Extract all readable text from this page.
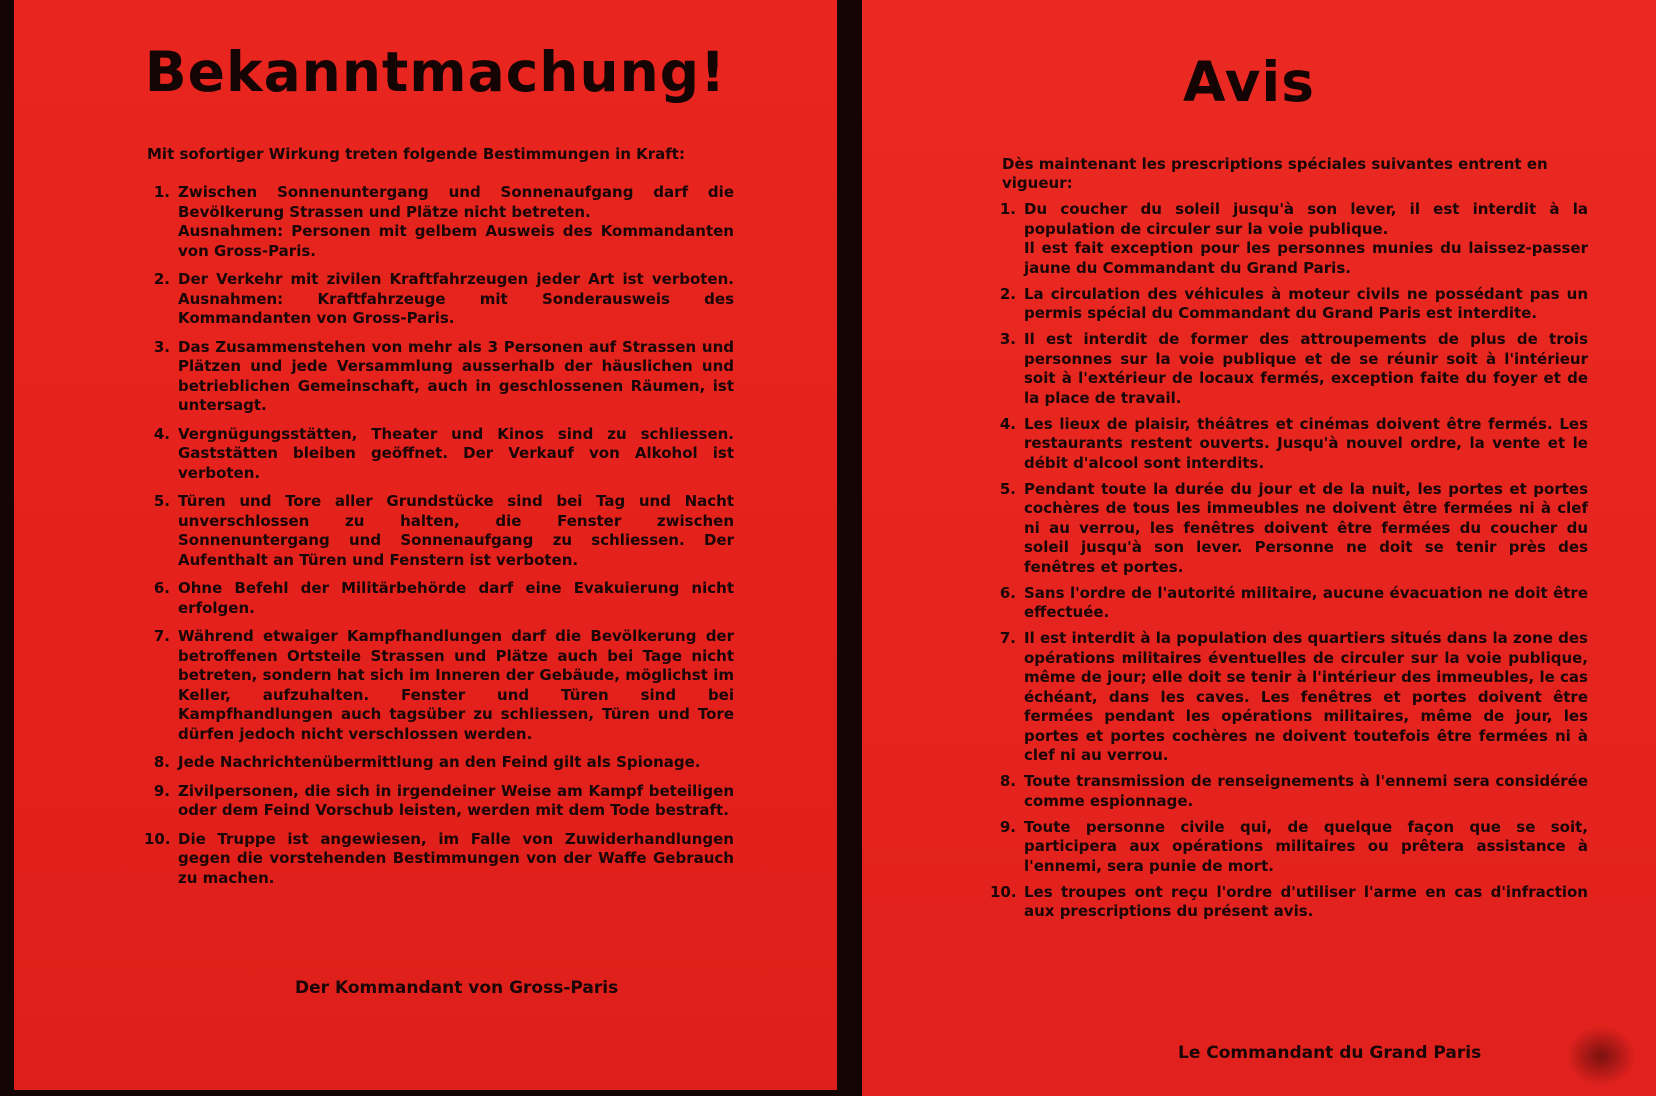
Bekanntmachung!
Mit sofortiger Wirkung treten folgende Bestimmungen in Kraft:
1. Zwischen Sonnenuntergang und Sonnenaufgang darf die Bevölkerung Strassen und Plätze nicht betreten.

Ausnahmen: Personen mit gelbem Ausweis des Kommandanten von Gross-Paris.

2. Der Verkehr mit zivilen Kraftfahrzeugen jeder Art ist verboten. Ausnahmen: Kraftfahrzeuge mit Sonderausweis des Kommandanten von Gross-Paris.

3. Das Zusammenstehen von mehr als 3 Personen auf Strassen und Plätzen und jede Versammlung ausserhalb der häuslichen und betrieblichen Gemeinschaft, auch in geschlossenen Räumen, ist untersagt.

4. Vergnügungsstätten, Theater und Kinos sind zu schliessen. Gaststätten bleiben geöffnet. Der Verkauf von Alkohol ist verboten.

5. Türen und Tore aller Grundstücke sind bei Tag und Nacht unverschlossen zu halten, die Fenster zwischen Sonnenuntergang und Sonnenaufgang zu schliessen. Der Aufenthalt an Türen und Fenstern ist verboten.

6. Ohne Befehl der Militärbehörde darf eine Evakuierung nicht erfolgen.

7. Während etwaiger Kampfhandlungen darf die Bevölkerung der betroffenen Ortsteile Strassen und Plätze auch bei Tage nicht betreten, sondern hat sich im Inneren der Gebäude, möglichst im Keller, aufzuhalten. Fenster und Türen sind bei Kampfhandlungen auch tagsüber zu schliessen, Türen und Tore dürfen jedoch nicht verschlossen werden.

8. Jede Nachrichtenübermittlung an den Feind gilt als Spionage.

9. Zivilpersonen, die sich in irgendeiner Weise am Kampf beteiligen oder dem Feind Vorschub leisten, werden mit dem Tode bestraft.

10. Die Truppe ist angewiesen, im Falle von Zuwiderhandlungen gegen die vorstehenden Bestimmungen von der Waffe Gebrauch zu machen.

Der Kommandant von Gross-Paris
Avis
Dès maintenant les prescriptions spéciales suivantes entrent en vigueur:
1. Du coucher du soleil jusqu'à son lever, il est interdit à la population de circuler sur la voie publique.

Il est fait exception pour les personnes munies du laissez-passer jaune du Commandant du Grand Paris.

2. La circulation des véhicules à moteur civils ne possédant pas un permis spécial du Commandant du Grand Paris est interdite.

3. Il est interdit de former des attroupements de plus de trois personnes sur la voie publique et de se réunir soit à l'intérieur soit à l'extérieur de locaux fermés, exception faite du foyer et de la place de travail.

4. Les lieux de plaisir, théâtres et cinémas doivent être fermés. Les restaurants restent ouverts. Jusqu'à nouvel ordre, la vente et le débit d'alcool sont interdits.

5. Pendant toute la durée du jour et de la nuit, les portes et portes cochères de tous les immeubles ne doivent être fermées ni à clef ni au verrou, les fenêtres doivent être fermées du coucher du soleil jusqu'à son lever. Personne ne doit se tenir près des fenêtres et portes.

6. Sans l'ordre de l'autorité militaire, aucune évacuation ne doit être effectuée.

7. Il est interdit à la population des quartiers situés dans la zone des opérations militaires éventuelles de circuler sur la voie publique, même de jour; elle doit se tenir à l'intérieur des immeubles, le cas échéant, dans les caves. Les fenêtres et portes doivent être fermées pendant les opérations militaires, même de jour, les portes et portes cochères ne doivent toutefois être fermées ni à clef ni au verrou.

8. Toute transmission de renseignements à l'ennemi sera considérée comme espionnage.

9. Toute personne civile qui, de quelque façon que se soit, participera aux opérations militaires ou prêtera assistance à l'ennemi, sera punie de mort.

10. Les troupes ont reçu l'ordre d'utiliser l'arme en cas d'infraction aux prescriptions du présent avis.

Le Commandant du Grand Paris
